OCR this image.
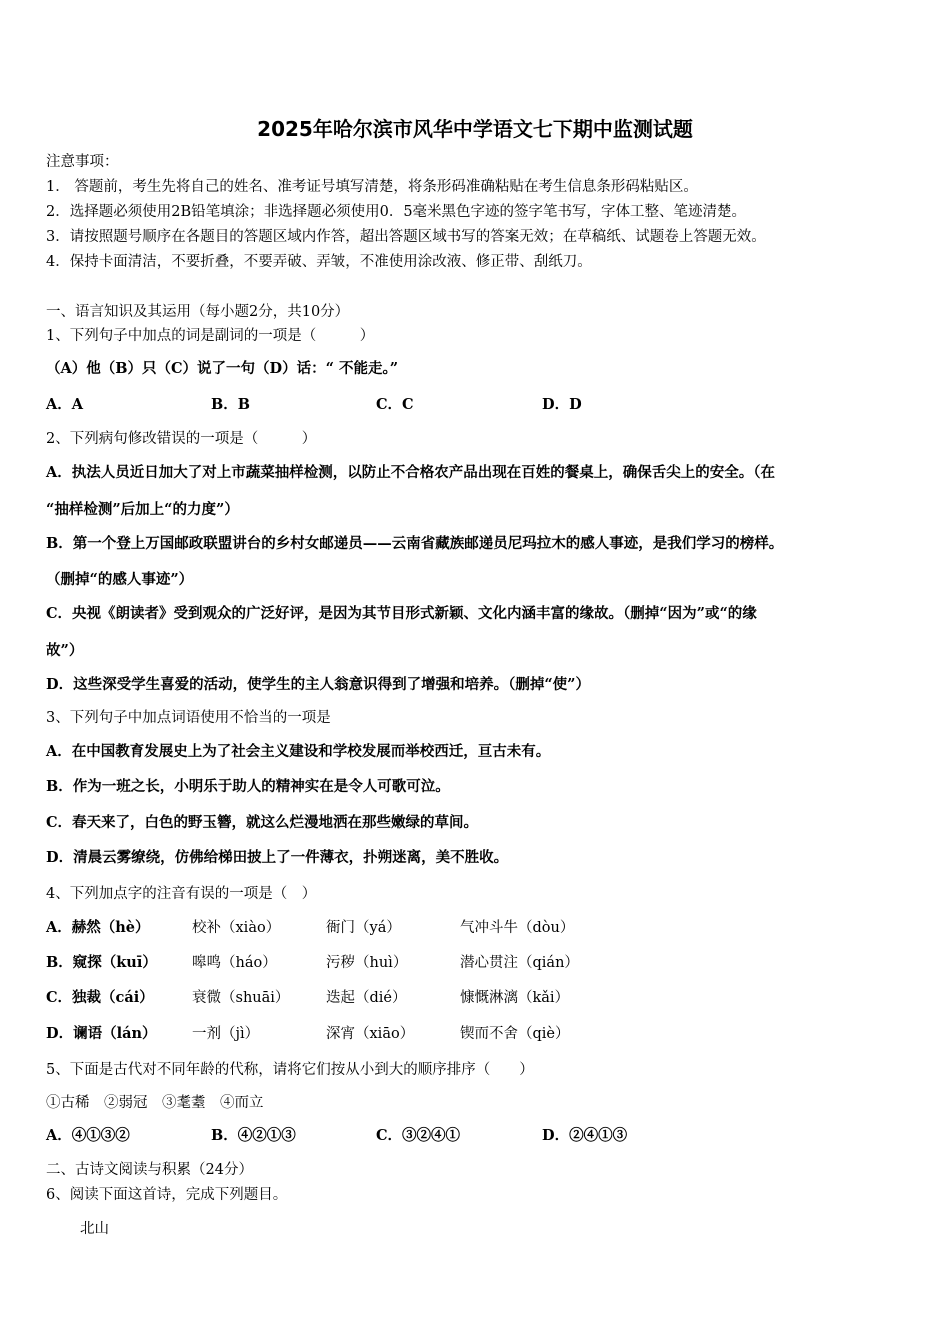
2025年哈尔滨市风华中学语文七下期中监测试题
注意事项：
1． 答题前，考生先将自己的姓名、准考证号填写清楚，将条形码准确粘贴在考生信息条形码粘贴区。
2．选择题必须使用2B铅笔填涂；非选择题必须使用0．5毫米黑色字迹的签字笔书写，字体工整、笔迹清楚。
3．请按照题号顺序在各题目的答题区域内作答，超出答题区域书写的答案无效；在草稿纸、试题卷上答题无效。
4．保持卡面清洁，不要折叠，不要弄破、弄皱，不准使用涂改液、修正带、刮纸刀。
一、语言知识及其运用（每小题2分，共10分）
1、下列句子中加点的词是副词的一项是（　　　）
（A）他（B）只（C）说了一句（D）话：“ 不能走。”
A．A	B．B	C．C	D．D
2、下列病句修改错误的一项是（　　　）
A．执法人员近日加大了对上市蔬菜抽样检测，以防止不合格农产品出现在百姓的餐桌上，确保舌尖上的安全。（在
“抽样检测”后加上“的力度”）
B．第一个登上万国邮政联盟讲台的乡村女邮递员——云南省藏族邮递员尼玛拉木的感人事迹，是我们学习的榜样。
（删掉“的感人事迹”）
C．央视《朗读者》受到观众的广泛好评，是因为其节目形式新颖、文化内涵丰富的缘故。（删掉“因为”或“的缘
故”）
D．这些深受学生喜爱的活动，使学生的主人翁意识得到了增强和培养。（删掉“使”）
3、下列句子中加点词语使用不恰当的一项是
A．在中国教育发展史上为了社会主义建设和学校发展而举校西迁，亘古未有。
B．作为一班之长，小明乐于助人的精神实在是令人可歌可泣。
C．春天来了，白色的野玉簪，就这么烂漫地洒在那些嫩绿的草间。
D．清晨云雾缭绕，仿佛给梯田披上了一件薄衣，扑朔迷离，美不胜收。
4、下列加点字的注音有误的一项是（　）
A．赫然（hè）	校补（xiào）	衙门（yá）	气冲斗牛（dòu）
B．窥探（kuī） 嗥鸣（háo）	污秽（huì）	潜心贯注（qián）
C．独裁（cái）	衰微（shuāi）	迭起（dié）	慷慨淋漓（kǎi）
D．谰语（lán） 一剂（jì）	深宵（xiāo）	锲而不舍（qiè）
5、下面是古代对不同年龄的代称，请将它们按从小到大的顺序排序（　　）
①古稀　②弱冠　③耄耋　④而立
A．④①③②	B．④②①③	C．③②④①	D．②④①③
二、古诗文阅读与积累（24分）
6、阅读下面这首诗，完成下列题目。
北山
